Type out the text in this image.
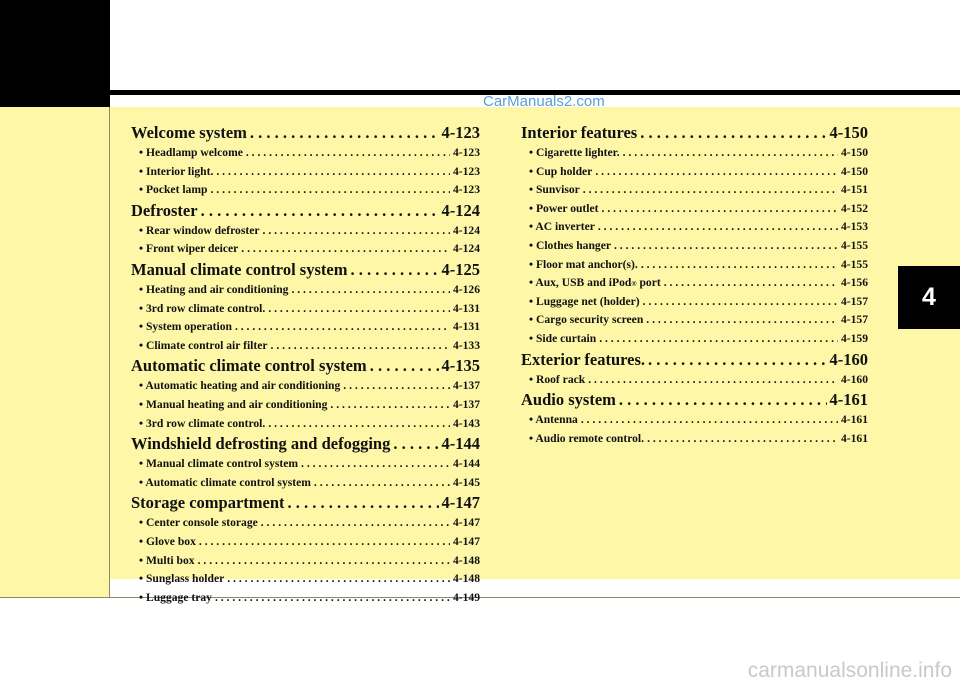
CarManuals2.com
carmanualsonline.info
4
Welcome system . . .	4-123
• Headlamp welcome . . .	4-123
• Interior light. . . .	4-123
• Pocket lamp . . .	4-123
Defroster . . .	4-124
• Rear window defroster . . .	4-124
• Front wiper deicer . . .	4-124
Manual climate control system . . .	4-125
• Heating and air conditioning . . .	4-126
• 3rd row climate control. . . .	4-131
• System operation . . .	4-131
• Climate control air filter . . .	4-133
Automatic climate control system . . .	4-135
• Automatic heating and air conditioning . . .	4-137
• Manual heating and air conditioning . . .	4-137
• 3rd row climate control. . . .	4-143
Windshield defrosting and defogging . . .	4-144
• Manual climate control system . . .	4-144
• Automatic climate control system . . .	4-145
Storage compartment . . .	4-147
• Center console storage . . .	4-147
• Glove box . . .	4-147
• Multi box . . .	4-148
• Sunglass holder . . .	4-148
• Luggage tray . . .	4-149
Interior features . . .	4-150
• Cigarette lighter. . . .	4-150
• Cup holder . . .	4-150
• Sunvisor . . .	4-151
• Power outlet . . .	4-152
• AC inverter . . .	4-153
• Clothes hanger . . .	4-155
• Floor mat anchor(s). . . .	4-155
• Aux, USB and iPod ® port . . .	4-156
• Luggage net (holder) . . .	4-157
• Cargo security screen . . .	4-157
• Side curtain . . .	4-159
Exterior features. . . .	4-160
• Roof rack . . .	4-160
Audio system . . .	4-161
• Antenna . . .	4-161
• Audio remote control. . . .	4-161
